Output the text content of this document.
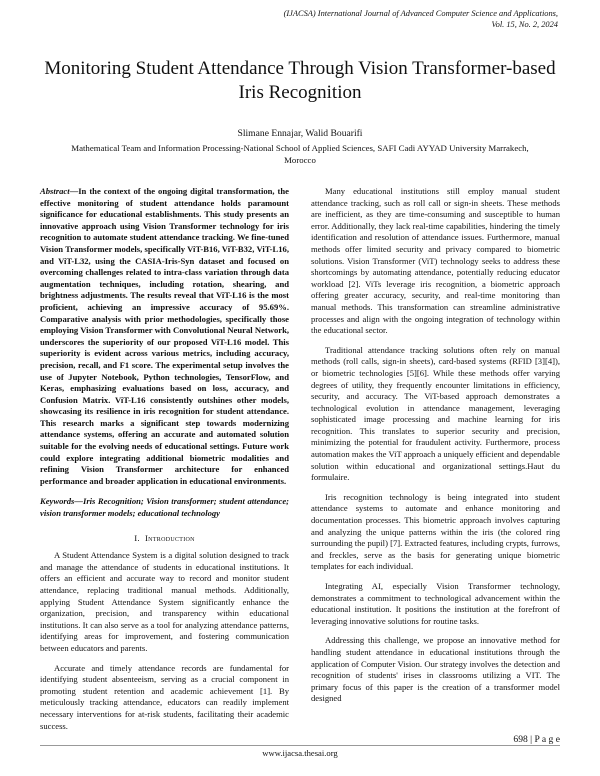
(IJACSA) International Journal of Advanced Computer Science and Applications,
Vol. 15, No. 2, 2024
Monitoring Student Attendance Through Vision Transformer-based Iris Recognition
Slimane Ennajar, Walid Bouarifi
Mathematical Team and Information Processing-National School of Applied Sciences, SAFI Cadi AYYAD University Marrakech, Morocco
Abstract—In the context of the ongoing digital transformation, the effective monitoring of student attendance holds paramount significance for educational establishments. This study presents an innovative approach using Vision Transformer technology for iris recognition to automate student attendance tracking. We fine-tuned Vision Transformer models, specifically ViT-B16, ViT-B32, ViT-L16, and ViT-L32, using the CASIA-Iris-Syn dataset and focused on overcoming challenges related to intra-class variation through data augmentation techniques, including rotation, shearing, and brightness adjustments. The results reveal that ViT-L16 is the most proficient, achieving an impressive accuracy of 95.69%. Comparative analysis with prior methodologies, specifically those employing Vision Transformer with Convolutional Neural Network, underscores the superiority of our proposed ViT-L16 model. This superiority is evident across various metrics, including accuracy, precision, recall, and F1 score. The experimental setup involves the use of Jupyter Notebook, Python technologies, TensorFlow, and Keras, emphasizing evaluations based on loss, accuracy, and Confusion Matrix. ViT-L16 consistently outshines other models, showcasing its resilience in iris recognition for student attendance. This research marks a significant step towards modernizing attendance systems, offering an accurate and automated solution suitable for the evolving needs of educational settings. Future work could explore integrating additional biometric modalities and refining Vision Transformer architecture for enhanced performance and broader application in educational environments.
Keywords—Iris Recognition; Vision transformer; student attendance; vision transformer models; educational technology
I. Introduction

A Student Attendance System is a digital solution designed to track and manage the attendance of students in educational institutions. It offers an efficient and accurate way to record and monitor student attendance, replacing traditional manual methods. Additionally, applying Student Attendance System significantly enhance the organization, precision, and transparency within educational institutions. It can also serve as a tool for analyzing attendance patterns, identifying areas for improvement, and fostering communication between educators and parents.

Accurate and timely attendance records are fundamental for identifying student absenteeism, serving as a crucial component in promoting student retention and academic achievement [1]. By meticulously tracking attendance, educators can readily implement necessary interventions for at-risk students, facilitating their academic success.

Many educational institutions still employ manual student attendance tracking, such as roll call or sign-in sheets. These methods are inefficient, as they are time-consuming and susceptible to human error. Additionally, they lack real-time capabilities, hindering the timely identification and resolution of attendance issues. Furthermore, manual methods offer limited security and privacy compared to biometric solutions. Vision Transformer (ViT) technology seeks to address these shortcomings by automating attendance, potentially reducing educator workload [2]. ViTs leverage iris recognition, a biometric approach offering greater accuracy, security, and real-time monitoring than manual methods. This transformation can streamline administrative processes and align with the ongoing integration of technology within the educational sector.

Traditional attendance tracking solutions often rely on manual methods (roll calls, sign-in sheets), card-based systems (RFID [3][4]), or biometric technologies [5][6]. While these methods offer varying degrees of utility, they frequently encounter limitations in efficiency, security, and accuracy. The ViT-based approach demonstrates a technological evolution in attendance management, leveraging sophisticated image processing and machine learning for iris recognition. This translates to superior security and precision, minimizing the potential for fraudulent activity. Furthermore, process automation makes the ViT approach a uniquely efficient and dependable solution within educational and organizational settings.Haut du formulaire.

Iris recognition technology is being integrated into student attendance systems to automate and enhance monitoring and documentation processes. This biometric approach involves capturing and analyzing the unique patterns within the iris (the colored ring surrounding the pupil) [7]. Extracted features, including crypts, furrows, and freckles, serve as the basis for generating unique biometric templates for each individual.

Integrating AI, especially Vision Transformer technology, demonstrates a commitment to technological advancement within the educational institution. It positions the institution at the forefront of leveraging innovative solutions for routine tasks.

Addressing this challenge, we propose an innovative method for handling student attendance in educational institutions through the application of Computer Vision. Our strategy involves the detection and recognition of students' irises in classrooms utilizing a VIT. The primary focus of this paper is the creation of a transformer model designed

698 | P a g e
www.ijacsa.thesai.org
